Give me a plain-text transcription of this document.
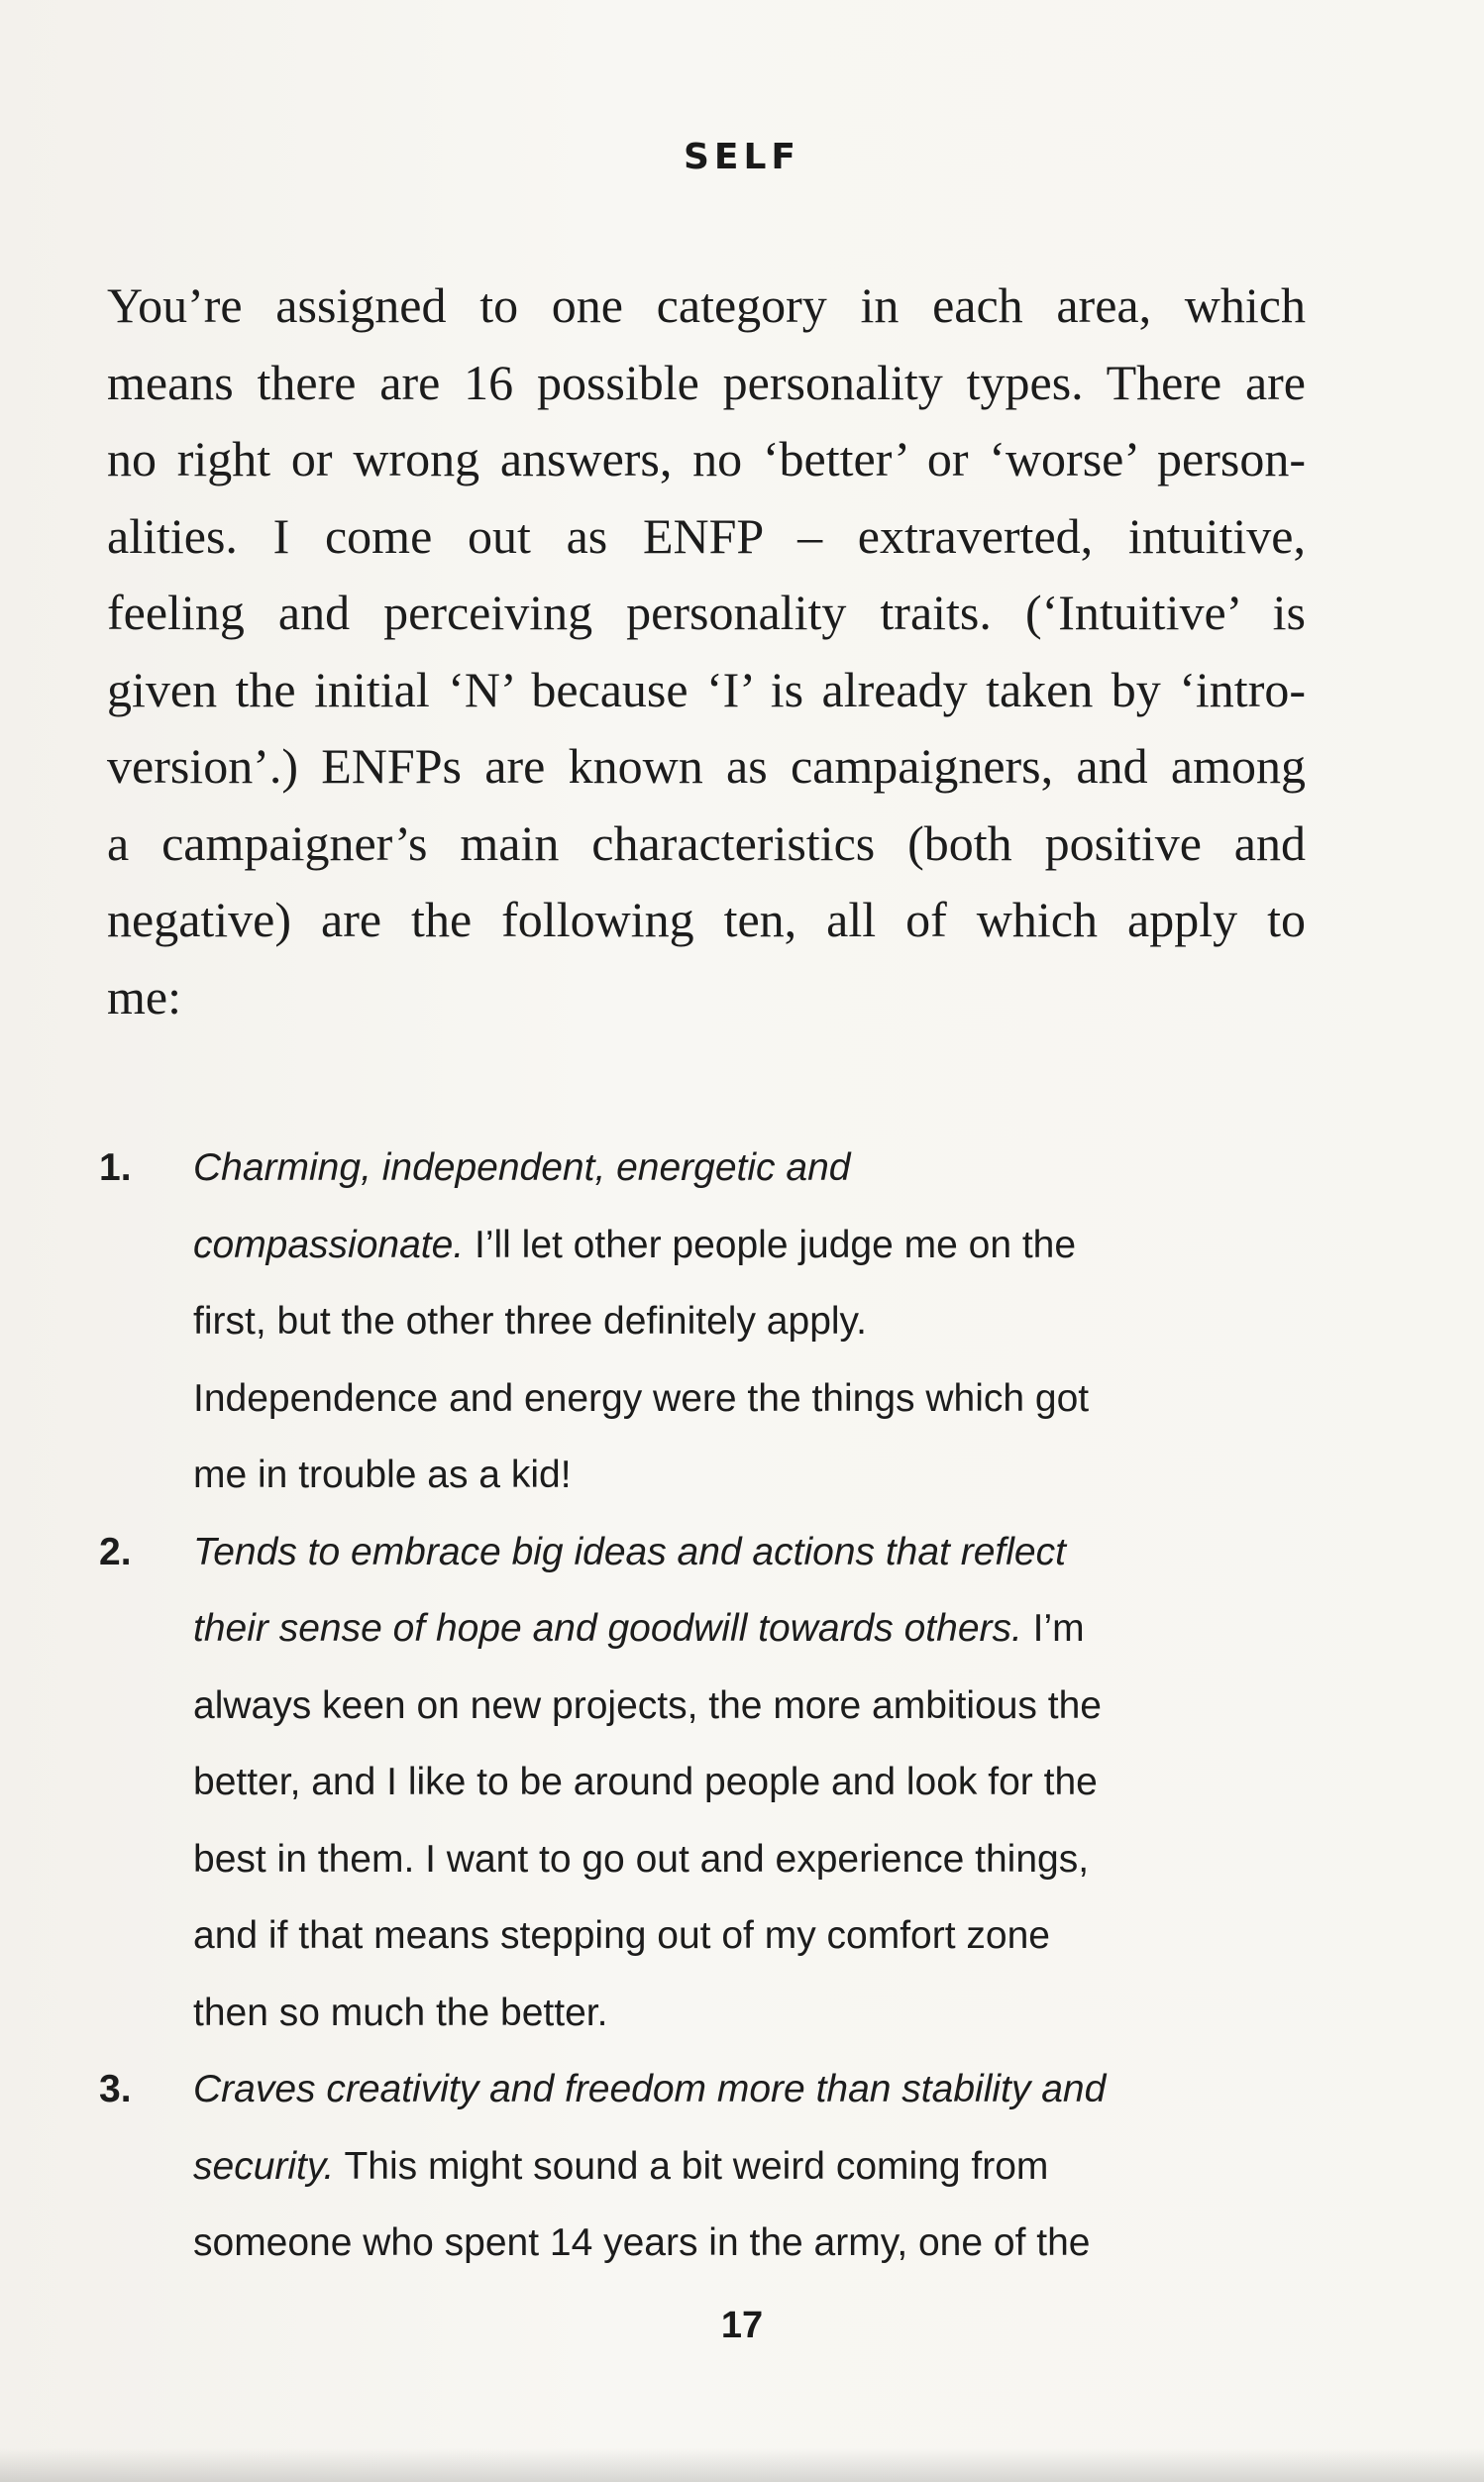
SELF
You’re assigned to one category in each area, which
means there are 16 possible personality types. There are
no right or wrong answers, no ‘better’ or ‘worse’ person-
alities. I come out as ENFP – extraverted, intuitive,
feeling and perceiving personality traits. (‘Intuitive’ is
given the initial ‘N’ because ‘I’ is already taken by ‘intro-
version’.) ENFPs are known as campaigners, and among
a campaigner’s main characteristics (both positive and
negative) are the following ten, all of which apply to
me:
1. Charming, independent, energetic and
compassionate. I’ll let other people judge me on the
first, but the other three definitely apply.
Independence and energy were the things which got
me in trouble as a kid!
2. Tends to embrace big ideas and actions that reflect
their sense of hope and goodwill towards others. I’m
always keen on new projects, the more ambitious the
better, and I like to be around people and look for the
best in them. I want to go out and experience things,
and if that means stepping out of my comfort zone
then so much the better.
3. Craves creativity and freedom more than stability and
security. This might sound a bit weird coming from
someone who spent 14 years in the army, one of the
17
